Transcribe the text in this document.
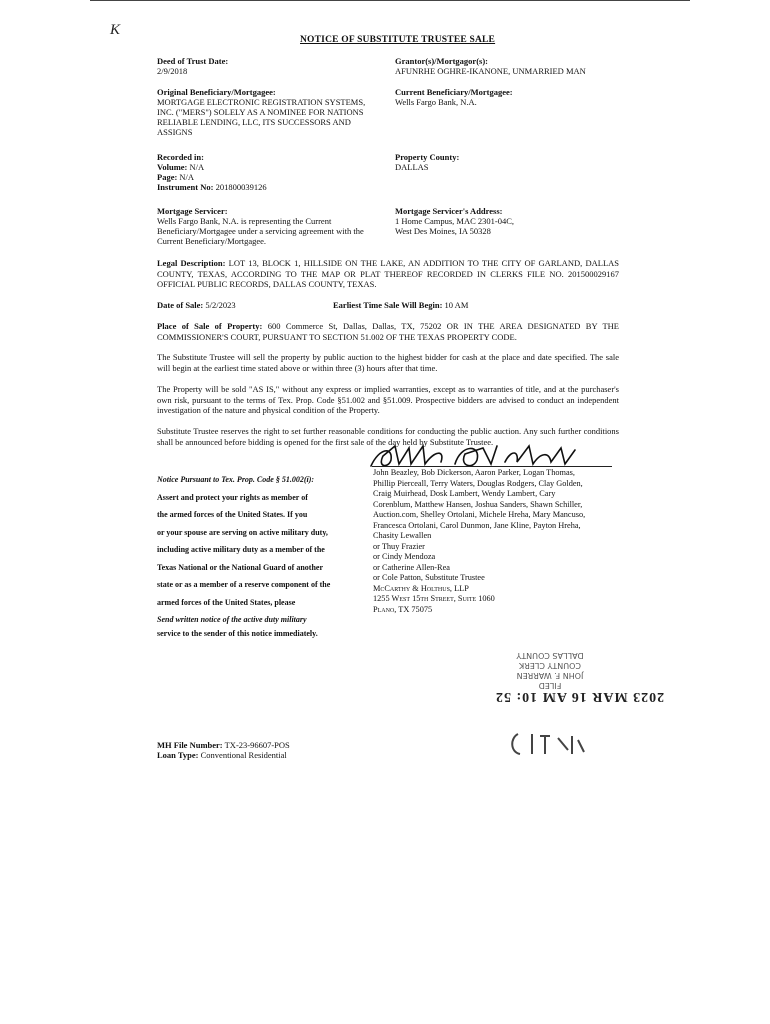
K
NOTICE OF SUBSTITUTE TRUSTEE SALE
Deed of Trust Date:
2/9/2018
Grantor(s)/Mortgagor(s):
AFUNRHE OGHRE-IKANONE, UNMARRIED MAN
Original Beneficiary/Mortgagee:
MORTGAGE ELECTRONIC REGISTRATION SYSTEMS, INC. ("MERS") SOLELY AS A NOMINEE FOR NATIONS RELIABLE LENDING, LLC, ITS SUCCESSORS AND ASSIGNS
Current Beneficiary/Mortgagee:
Wells Fargo Bank, N.A.
Recorded in:
Volume: N/A
Page: N/A
Instrument No: 201800039126
Property County:
DALLAS
Mortgage Servicer:
Wells Fargo Bank, N.A. is representing the Current Beneficiary/Mortgagee under a servicing agreement with the Current Beneficiary/Mortgagee.
Mortgage Servicer's Address:
1 Home Campus, MAC 2301-04C,
West Des Moines, IA 50328
Legal Description: LOT 13, BLOCK 1, HILLSIDE ON THE LAKE, AN ADDITION TO THE CITY OF GARLAND, DALLAS COUNTY, TEXAS, ACCORDING TO THE MAP OR PLAT THEREOF RECORDED IN CLERKS FILE NO. 201500029167 OFFICIAL PUBLIC RECORDS, DALLAS COUNTY, TEXAS.
Date of Sale: 5/2/2023	Earliest Time Sale Will Begin: 10 AM
Place of Sale of Property: 600 Commerce St, Dallas, Dallas, TX, 75202 OR IN THE AREA DESIGNATED BY THE COMMISSIONER'S COURT, PURSUANT TO SECTION 51.002 OF THE TEXAS PROPERTY CODE.
The Substitute Trustee will sell the property by public auction to the highest bidder for cash at the place and date specified. The sale will begin at the earliest time stated above or within three (3) hours after that time.
The Property will be sold "AS IS," without any express or implied warranties, except as to warranties of title, and at the purchaser's own risk, pursuant to the terms of Tex. Prop. Code §51.002 and §51.009. Prospective bidders are advised to conduct an independent investigation of the nature and physical condition of the Property.
Substitute Trustee reserves the right to set further reasonable conditions for conducting the public auction. Any such further conditions shall be announced before bidding is opened for the first sale of the day held by Substitute Trustee.
Notice Pursuant to Tex. Prop. Code § 51.002(i):
Assert and protect your rights as member of
the armed forces of the United States. If you
or your spouse are serving on active military duty,
including active military duty as a member of the
Texas National or the National Guard of another
state or as a member of a reserve component of the
armed forces of the United States, please
Send written notice of the active duty military
service to the sender of this notice immediately.
John Beazley, Bob Dickerson, Aaron Parker, Logan Thomas,
Phillip Pierceall, Terry Waters, Douglas Rodgers, Clay Golden,
Craig Muirhead, Dosk Lambert, Wendy Lambert, Cary
Corenblum, Matthew Hansen, Joshua Sanders, Shawn Schiller,
Auction.com, Shelley Ortolani, Michele Hreha, Mary Mancuso,
Francesca Ortolani, Carol Dunmon, Jane Kline, Payton Hreha,
Chasity Lewallen
or Thuy Frazier
or Cindy Mendoza
or Catherine Allen-Rea
or Cole Patton, Substitute Trustee
McCarthy & Holthus, LLP
1255 West 15th Street, Suite 1060
Plano, TX 75075
FILED
JOHN F. WARREN
COUNTY CLERK
DALLAS COUNTY
2023 MAR 16 AM 10: 52
MH File Number: TX-23-96607-POS
Loan Type: Conventional Residential
